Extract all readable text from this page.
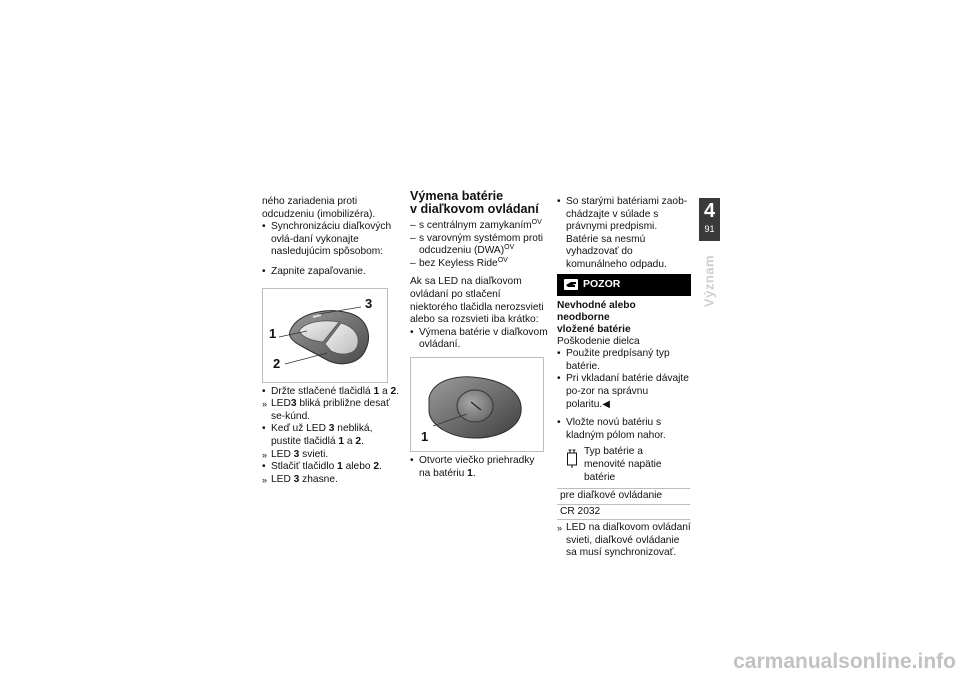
ného zariadenia proti odcudzeniu (imobilizéra).

• Synchronizáciu diaľkových ovlá-daní vykonajte nasledujúcim spôsobom:
• Zapnite zapaľovanie.
3
1
2
• Držte stlačené tlačidlá 1 a 2.
» LED3 bliká približne desať se-kúnd.
• Keď už LED 3 nebliká, pustite tlačidlá 1 a 2.
» LED 3 svieti.
• Stlačiť tlačidlo 1 alebo 2.
» LED 3 zhasne.
Výmena batérie
v diaľkovom ovládaní
– s centrálnym zamykaním$^{OV}$
– s varovným systémom proti odcudzeniu (DWA)$^{OV}$
– bez Keyless Ride$^{OV}$

Ak sa LED na diaľkovom ovládaní po stlačení niektorého tlačidla nerozsvieti alebo sa rozsvieti iba krátko:

• Výmena batérie v diaľkovom ovládaní.
1
• Otvorte viečko priehradky na batériu 1.
• So starými batériami zaob-chádzajte v súlade s právnymi predpismi. Batérie sa nesmú vyhadzovať do komunálneho odpadu.
POZOR
Nevhodné alebo neodborne
vložené batérie

Poškodenie dielca

• Použite predpísaný typ batérie.
• Pri vkladaní batérie dávajte po-zor na správnu polaritu.◀
• Vložte novú batériu s kladným pólom nahor.
Typ batérie a menovité napätie batérie

pre diaľkové ovládanie
CR 2032
» LED na diaľkovom ovládaní svieti, diaľkové ovládanie sa musí synchronizovať.
4
91
Význam
carmanualsonline.info
